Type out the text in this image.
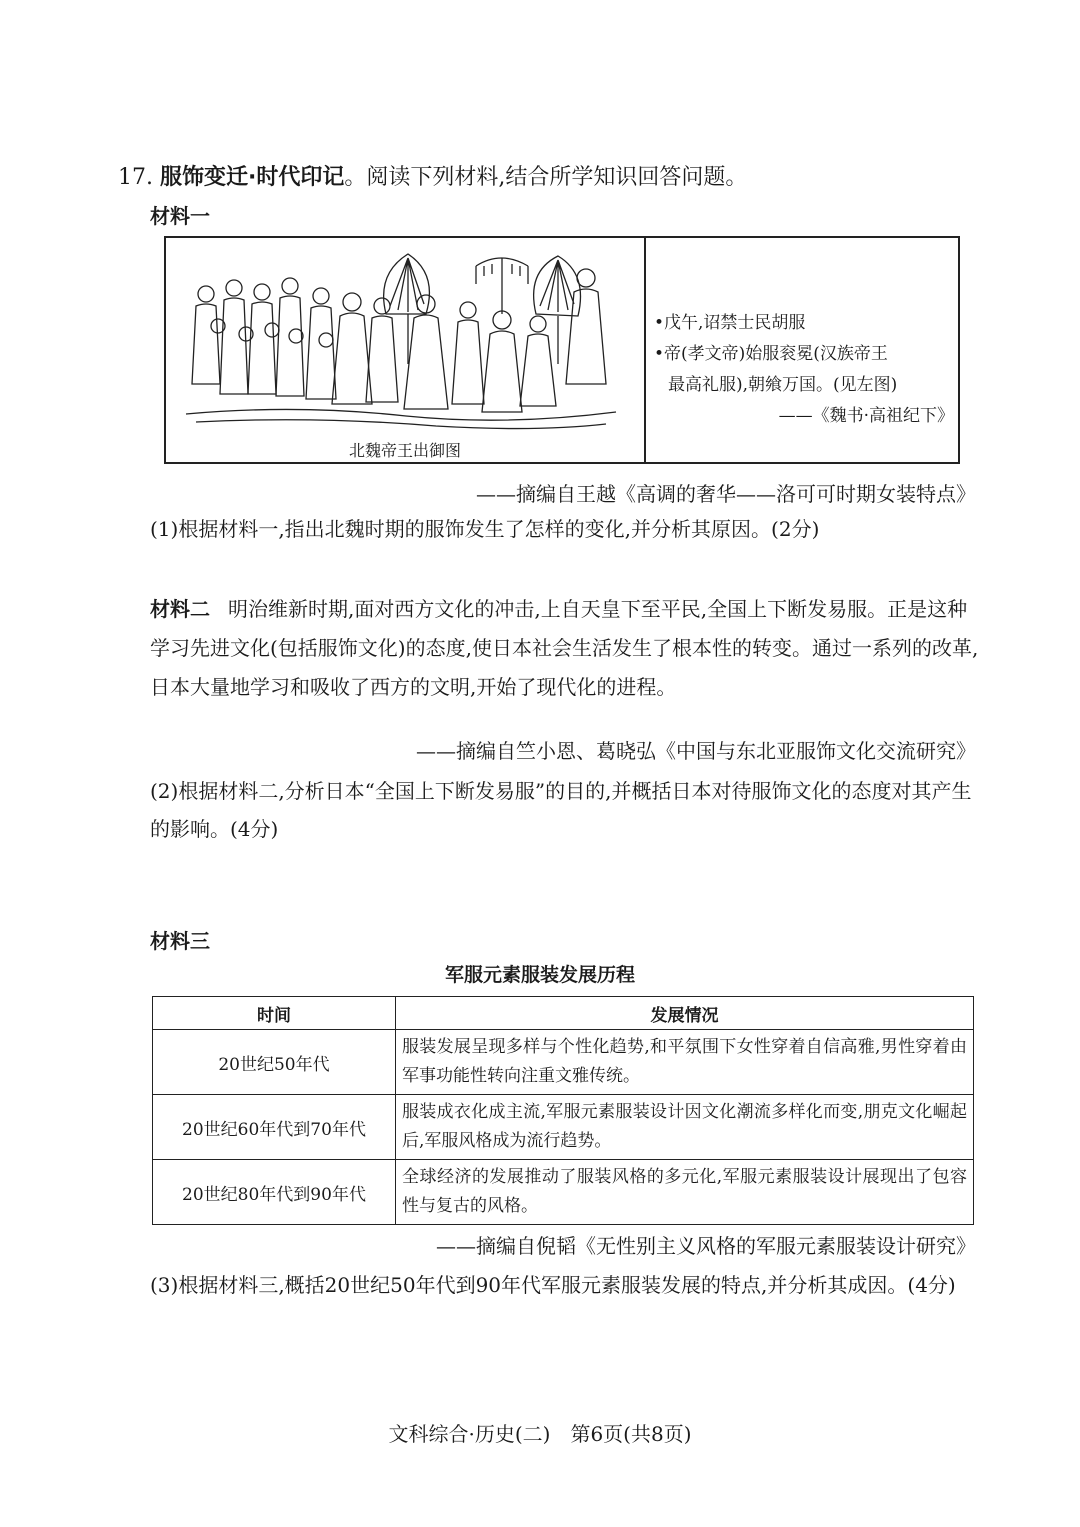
17. 服饰变迁·时代印记。阅读下列材料,结合所学知识回答问题。
材料一
北魏帝王出御图
•戊午,诏禁士民胡服
•帝(孝文帝)始服衮冕(汉族帝王
最高礼服),朝飨万国。(见左图)
——《魏书·高祖纪下》
——摘编自王越《高调的奢华——洛可可时期女装特点》
(1)根据材料一,指出北魏时期的服饰发生了怎样的变化,并分析其原因。(2分)
材料二 明治维新时期,面对西方文化的冲击,上自天皇下至平民,全国上下断发易服。正是这种学习先进文化(包括服饰文化)的态度,使日本社会生活发生了根本性的转变。通过一系列的改革,日本大量地学习和吸收了西方的文明,开始了现代化的进程。
——摘编自竺小恩、葛晓弘《中国与东北亚服饰文化交流研究》
(2)根据材料二,分析日本“全国上下断发易服”的目的,并概括日本对待服饰文化的态度对其产生的影响。(4分)
材料三
军服元素服装发展历程
时间	发展情况
20世纪50年代	服装发展呈现多样与个性化趋势,和平氛围下女性穿着自信高雅,男性穿着由军事功能性转向注重文雅传统。
20世纪60年代到70年代	服装成衣化成主流,军服元素服装设计因文化潮流多样化而变,朋克文化崛起后,军服风格成为流行趋势。
20世纪80年代到90年代	全球经济的发展推动了服装风格的多元化,军服元素服装设计展现出了包容性与复古的风格。
——摘编自倪韬《无性别主义风格的军服元素服装设计研究》
(3)根据材料三,概括20世纪50年代到90年代军服元素服装发展的特点,并分析其成因。(4分)
文科综合·历史(二)　第6页(共8页)
